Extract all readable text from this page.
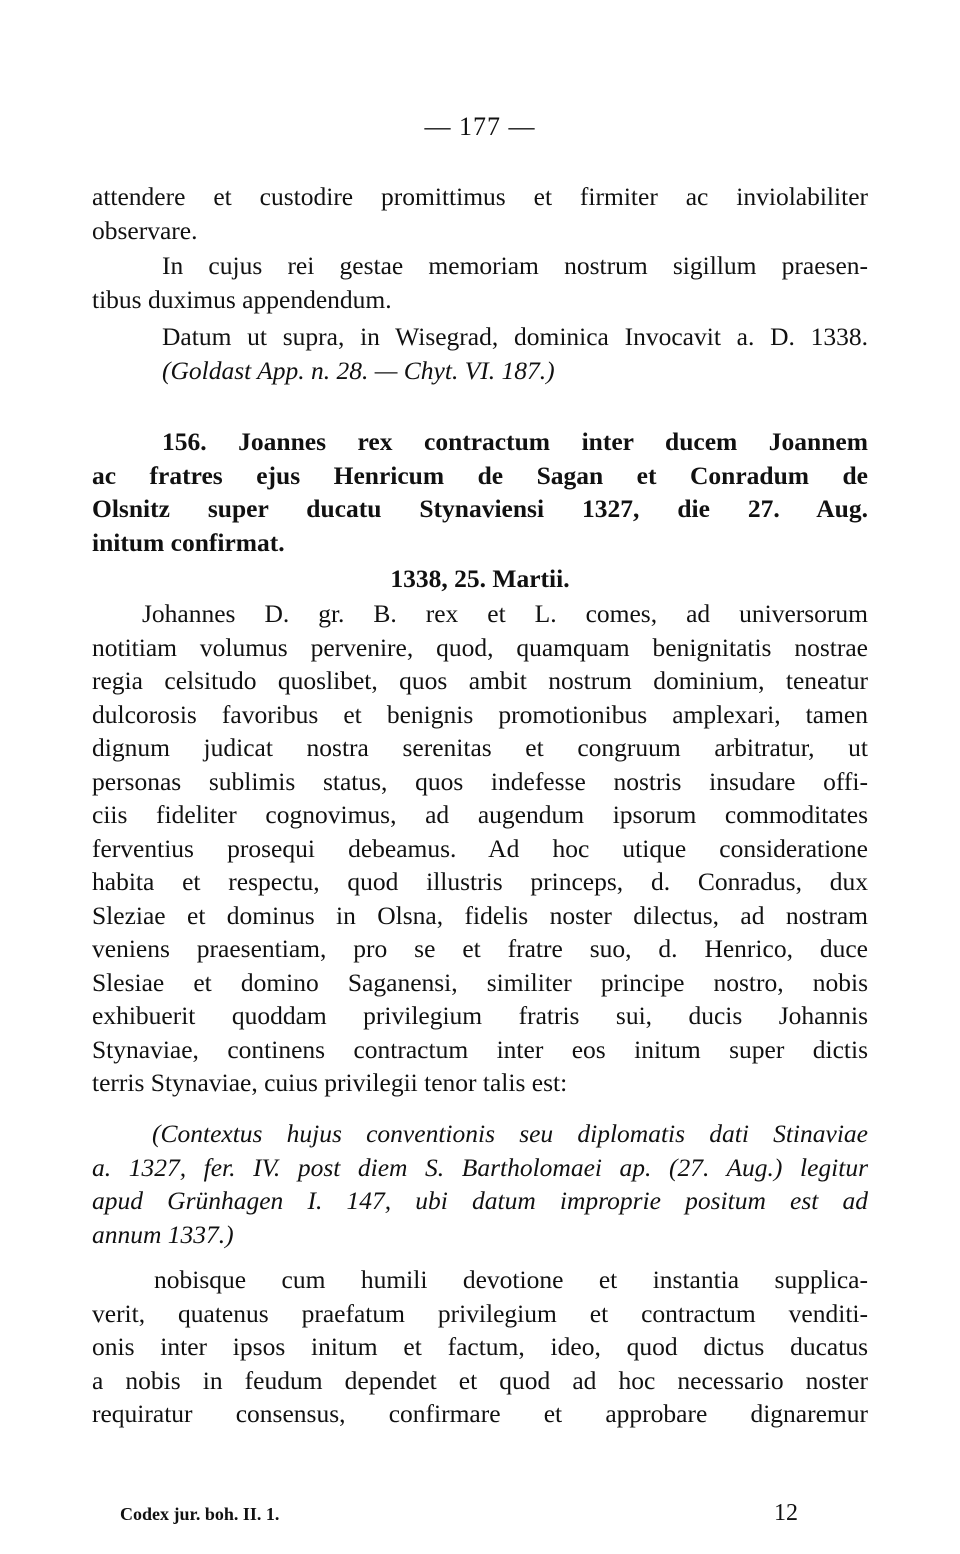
— 177 —
attendere et custodire promittimus et firmiter ac inviolabiliter
observare.
In cujus rei gestae memoriam nostrum sigillum praesen-
tibus duximus appendendum.
Datum ut supra, in Wisegrad, dominica Invocavit a. D. 1338.
(Goldast App. n. 28. — Chyt. VI. 187.)
156. Joannes rex contractum inter ducem Joannem
ac fratres ejus Henricum de Sagan et Conradum de
Olsnitz super ducatu Stynaviensi 1327, die 27. Aug.
initum confirmat.
1338, 25. Martii.
Johannes D. gr. B. rex et L. comes, ad universorum
notitiam volumus pervenire, quod, quamquam benignitatis nostrae
regia celsitudo quoslibet, quos ambit nostrum dominium, teneatur
dulcorosis favoribus et benignis promotionibus amplexari, tamen
dignum judicat nostra serenitas et congruum arbitratur, ut
personas sublimis status, quos indefesse nostris insudare offi-
ciis fideliter cognovimus, ad augendum ipsorum commoditates
ferventius prosequi debeamus. Ad hoc utique consideratione
habita et respectu, quod illustris princeps, d. Conradus, dux
Sleziae et dominus in Olsna, fidelis noster dilectus, ad nostram
veniens praesentiam, pro se et fratre suo, d. Henrico, duce
Slesiae et domino Saganensi, similiter principe nostro, nobis
exhibuerit quoddam privilegium fratris sui, ducis Johannis
Stynaviae, continens contractum inter eos initum super dictis
terris Stynaviae, cuius privilegii tenor talis est:
(Contextus hujus conventionis seu diplomatis dati Stinaviae
a. 1327, fer. IV. post diem S. Bartholomaei ap. (27. Aug.) legitur
apud Grünhagen I. 147, ubi datum improprie positum est ad
annum 1337.)
nobisque cum humili devotione et instantia supplica-
verit, quatenus praefatum privilegium et contractum venditi-
onis inter ipsos initum et factum, ideo, quod dictus ducatus
a nobis in feudum dependet et quod ad hoc necessario noster
requiratur consensus, confirmare et approbare dignaremur
Codex jur. boh. II. 1.	12
